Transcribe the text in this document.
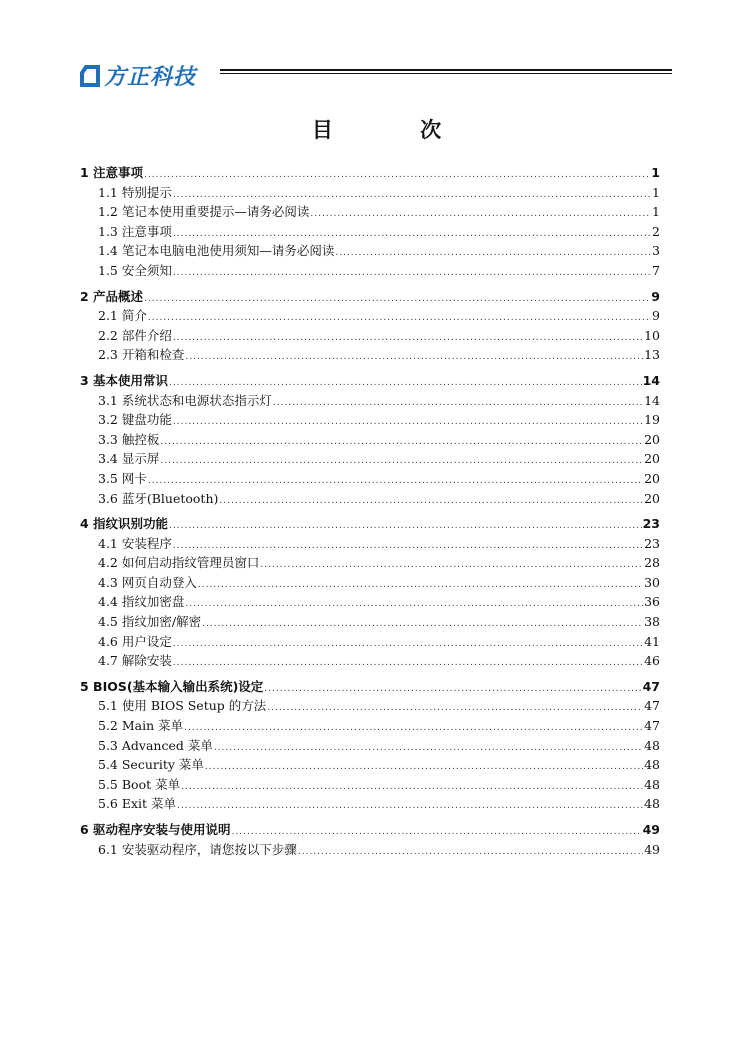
方正科技
目 次
1 注意事项 .....	1
1.1 特别提示 .....	1
1.2 笔记本使用重要提示—请务必阅读 .....	1
1.3 注意事项 .....	2
1.4 笔记本电脑电池使用须知—请务必阅读 .....	3
1.5 安全须知 .....	7
2 产品概述 .....	9
2.1 简介 .....	9
2.2 部件介绍 .....	10
2.3 开箱和检查 .....	13
3 基本使用常识 .....	14
3.1 系统状态和电源状态指示灯 .....	14
3.2 键盘功能 .....	19
3.3 触控板 .....	20
3.4 显示屏 .....	20
3.5 网卡 .....	20
3.6 蓝牙(Bluetooth) .....	20
4 指纹识别功能 .....	23
4.1 安装程序 .....	23
4.2 如何启动指纹管理员窗口 .....	28
4.3 网页自动登入 .....	30
4.4 指纹加密盘 .....	36
4.5 指纹加密/解密 .....	38
4.6 用户设定 .....	41
4.7 解除安装 .....	46
5 BIOS(基本输入输出系统)设定 .....	47
5.1 使用 BIOS Setup 的方法 .....	47
5.2 Main 菜单 .....	47
5.3 Advanced 菜单 .....	48
5.4 Security 菜单 .....	48
5.5 Boot 菜单 .....	48
5.6 Exit 菜单 .....	48
6 驱动程序安装与使用说明 .....	49
6.1 安装驱动程序，请您按以下步骤 .....	49
